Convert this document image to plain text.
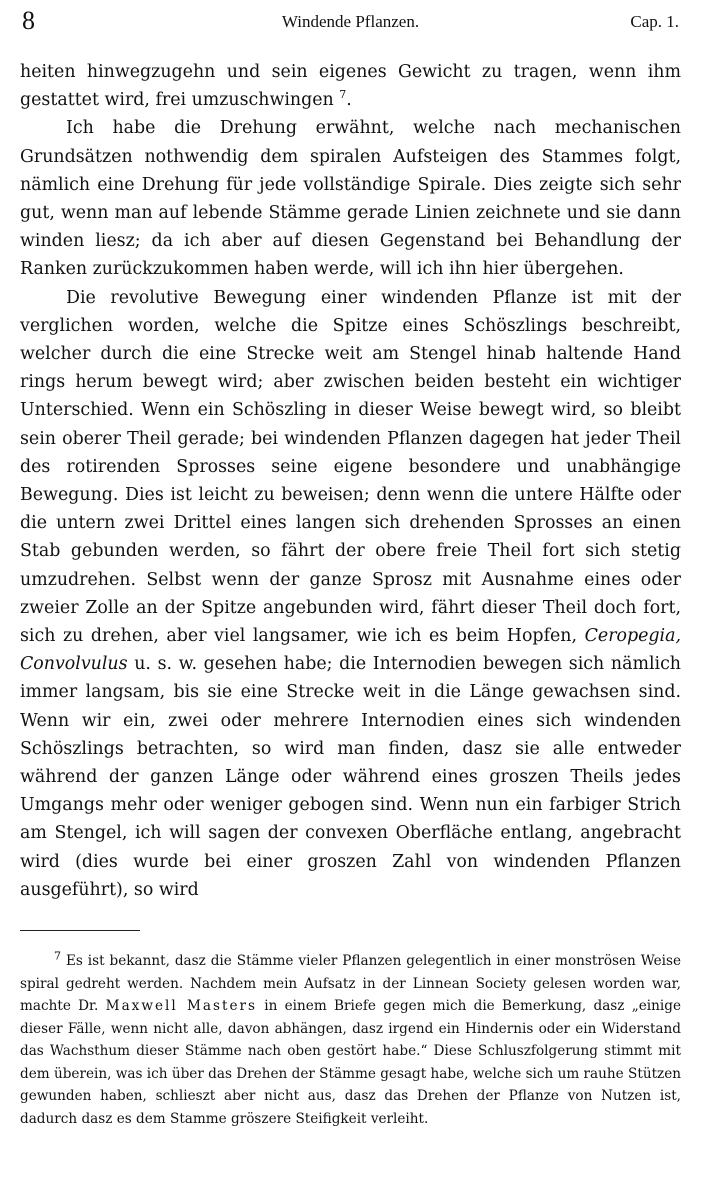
8	Windende Pflanzen.	Cap. 1.

heiten hinwegzugehn und sein eigenes Gewicht zu tragen, wenn ihm gestattet wird, frei umzuschwingen $^7$.

Ich habe die Drehung erwähnt, welche nach mechanischen Grundsätzen nothwendig dem spiralen Aufsteigen des Stammes folgt, nämlich eine Drehung für jede vollständige Spirale. Dies zeigte sich sehr gut, wenn man auf lebende Stämme gerade Linien zeichnete und sie dann winden liesz; da ich aber auf diesen Gegenstand bei Behandlung der Ranken zurückzukommen haben werde, will ich ihn hier übergehen.

Die revolutive Bewegung einer windenden Pflanze ist mit der verglichen worden, welche die Spitze eines Schöszlings beschreibt, welcher durch die eine Strecke weit am Stengel hinab haltende Hand rings herum bewegt wird; aber zwischen beiden besteht ein wichtiger Unterschied. Wenn ein Schöszling in dieser Weise bewegt wird, so bleibt sein oberer Theil gerade; bei windenden Pflanzen dagegen hat jeder Theil des rotirenden Sprosses seine eigene besondere und unabhängige Bewegung. Dies ist leicht zu beweisen; denn wenn die untere Hälfte oder die untern zwei Drittel eines langen sich drehenden Sprosses an einen Stab gebunden werden, so fährt der obere freie Theil fort sich stetig umzudrehen. Selbst wenn der ganze Sprosz mit Ausnahme eines oder zweier Zolle an der Spitze angebunden wird, fährt dieser Theil doch fort, sich zu drehen, aber viel langsamer, wie ich es beim Hopfen, Ceropegia, Convolvulus u. s. w. gesehen habe; die Internodien bewegen sich nämlich immer langsam, bis sie eine Strecke weit in die Länge gewachsen sind. Wenn wir ein, zwei oder mehrere Internodien eines sich windenden Schöszlings betrachten, so wird man finden, dasz sie alle entweder während der ganzen Länge oder während eines groszen Theils jedes Umgangs mehr oder weniger gebogen sind. Wenn nun ein farbiger Strich am Stengel, ich will sagen der convexen Oberfläche entlang, angebracht wird (dies wurde bei einer groszen Zahl von windenden Pflanzen ausgeführt), so wird

$^7$ Es ist bekannt, dasz die Stämme vieler Pflanzen gelegentlich in einer monströsen Weise spiral gedreht werden. Nachdem mein Aufsatz in der Linnean Society gelesen worden war, machte Dr. Maxwell Masters in einem Briefe gegen mich die Bemerkung, dasz „einige dieser Fälle, wenn nicht alle, davon abhängen, dasz irgend ein Hindernis oder ein Widerstand das Wachsthum dieser Stämme nach oben gestört habe.“ Diese Schluszfolgerung stimmt mit dem überein, was ich über das Drehen der Stämme gesagt habe, welche sich um rauhe Stützen gewunden haben, schlieszt aber nicht aus, dasz das Drehen der Pflanze von Nutzen ist, dadurch dasz es dem Stamme gröszere Steifigkeit verleiht.
